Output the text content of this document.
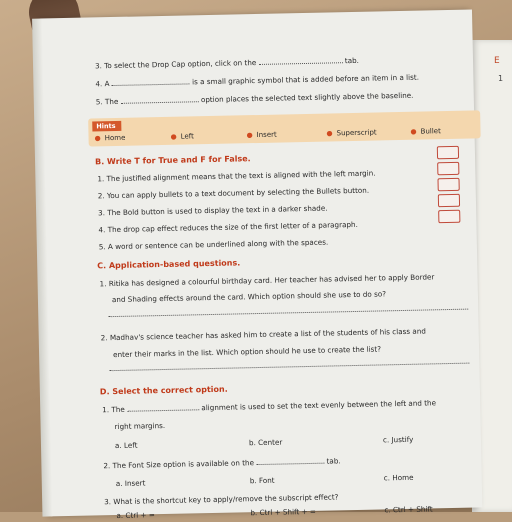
E
1
3. To select the Drop Cap option, click on the	tab.
4. A	is a small graphic symbol that is added before an item in a list.
5. The	option places the selected text slightly above the baseline.
Hints
● Home	● Left	● Insert	● Superscript	● Bullet
B. Write T for True and F for False.
1. The justified alignment means that the text is aligned with the left margin.
2. You can apply bullets to a text document by selecting the Bullets button.
3. The Bold button is used to display the text in a darker shade.
4. The drop cap effect reduces the size of the first letter of a paragraph.
5. A word or sentence can be underlined along with the spaces.
C. Application-based questions.
1. Ritika has designed a colourful birthday card. Her teacher has advised her to apply Border
and Shading effects around the card. Which option should she use to do so?
2. Madhav's science teacher has asked him to create a list of the students of his class and
enter their marks in the list. Which option should he use to create the list?
D. Select the correct option.
1. The	alignment is used to set the text evenly between the left and the
right margins.
a. Left	b. Center	c. Justify
2. The Font Size option is available on the	tab.
a. Insert	b. Font	c. Home
3. What is the shortcut key to apply/remove the subscript effect?
a. Ctrl + =	b. Ctrl + Shift + =	c. Ctrl + Shift
